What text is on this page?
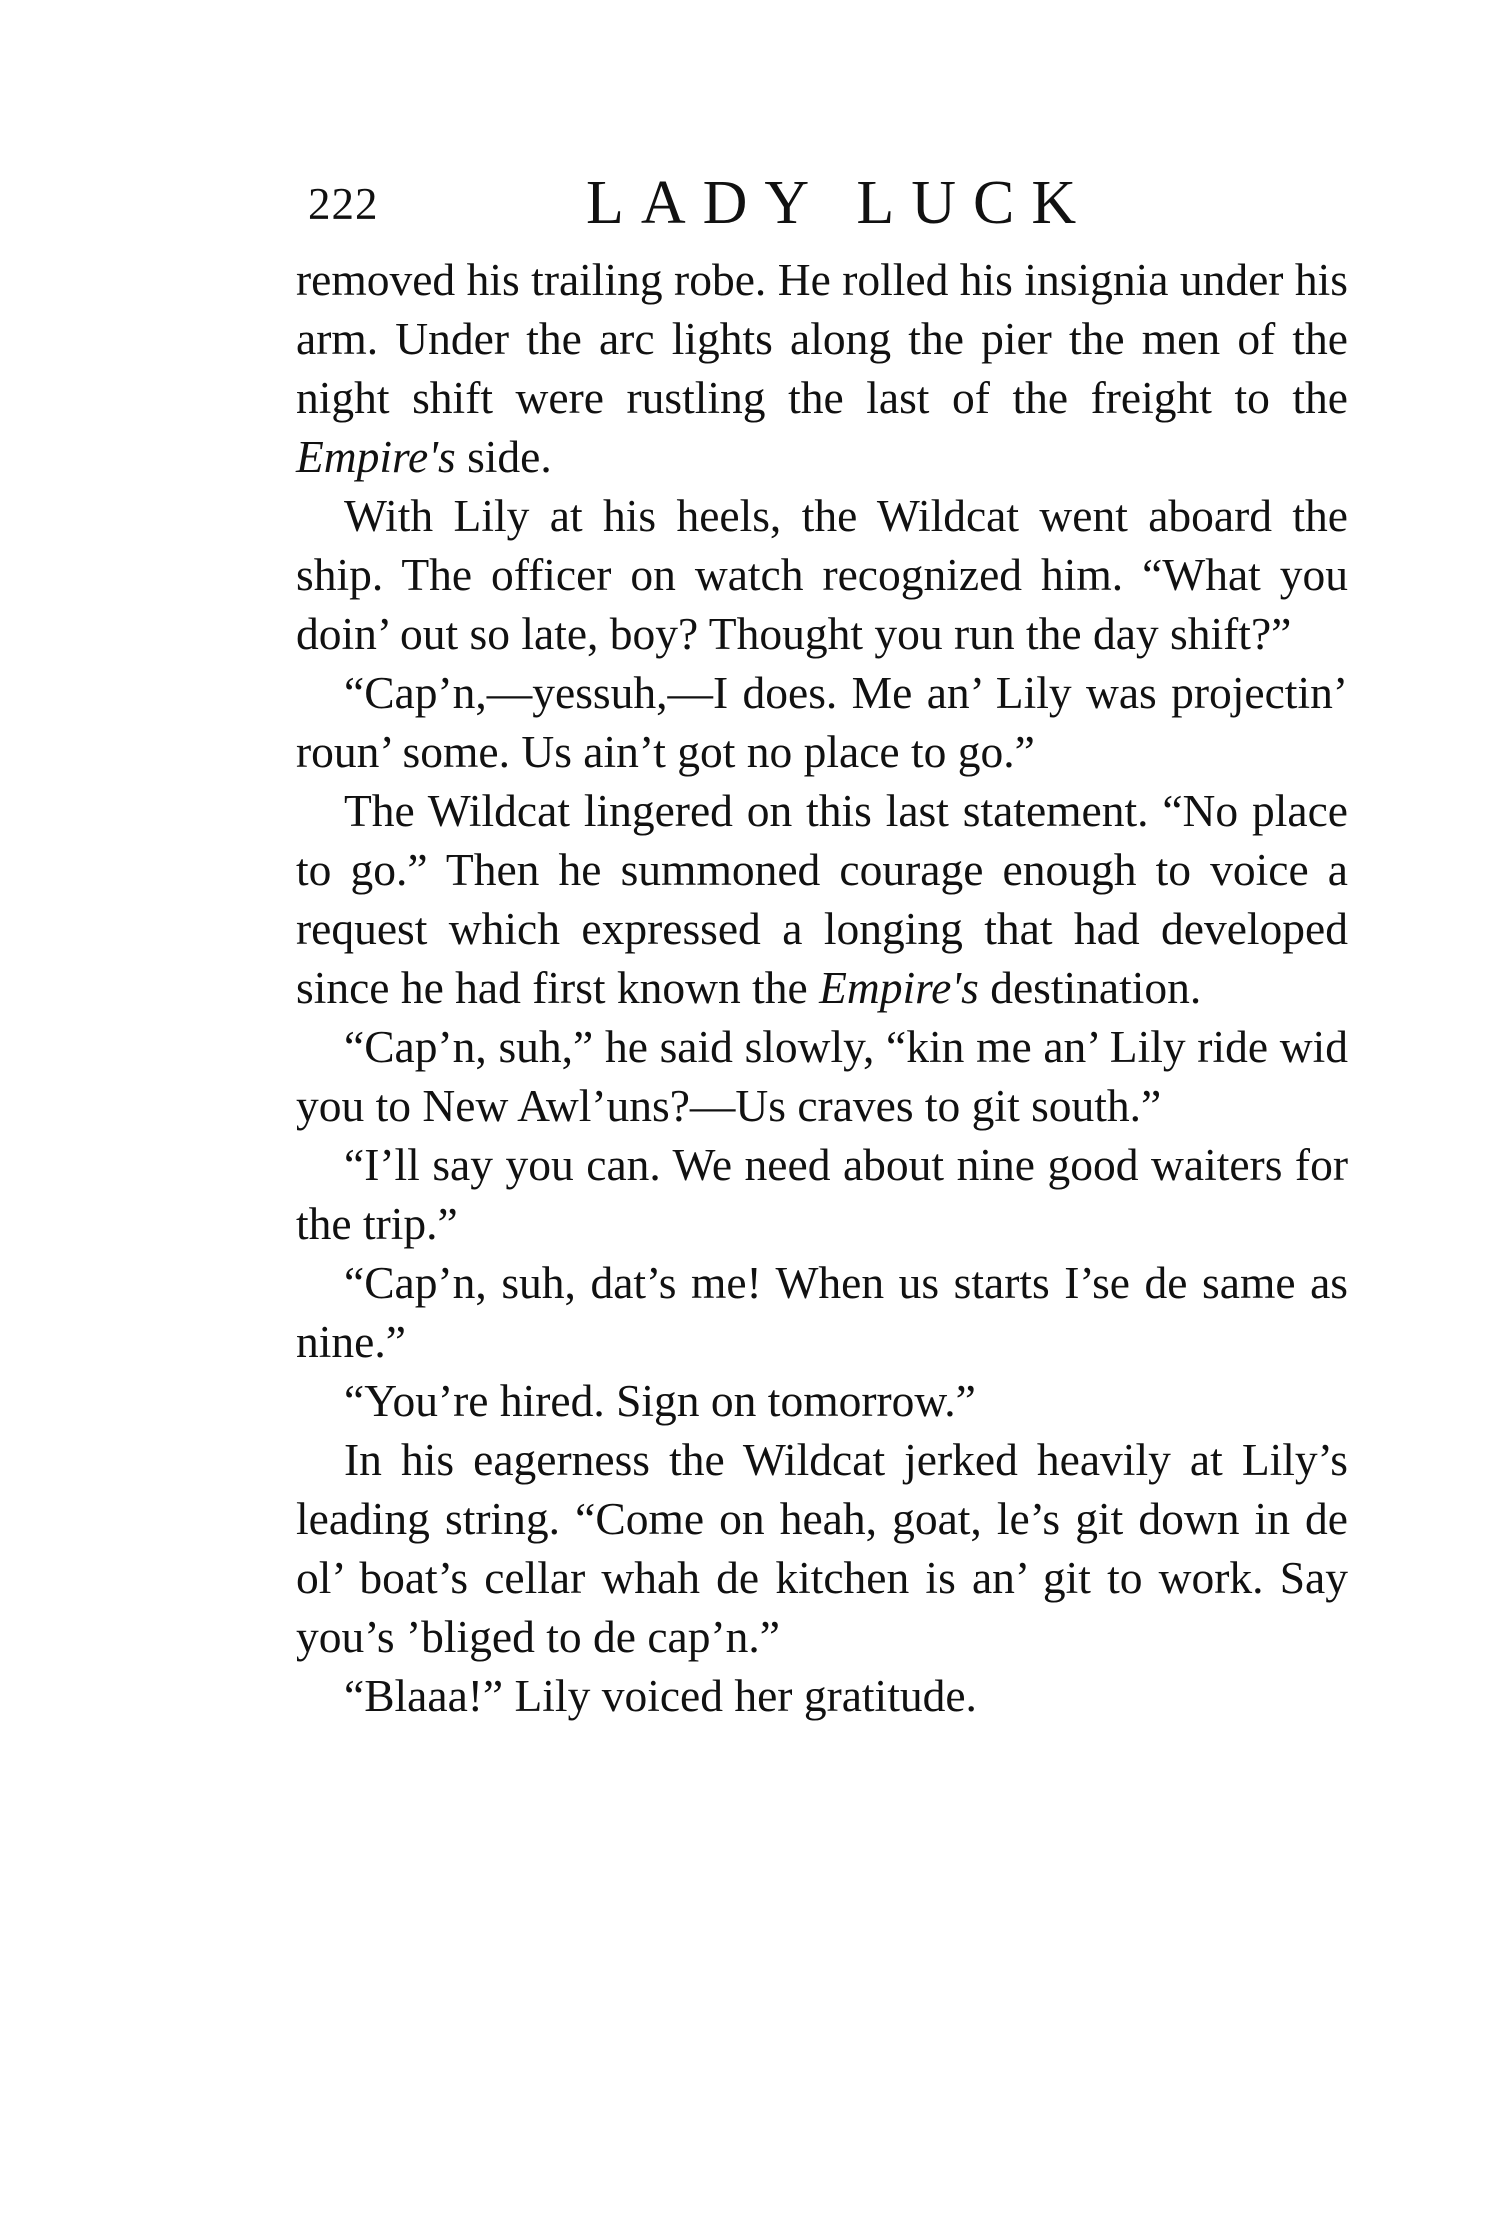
222	LADY LUCK

removed his trailing robe. He rolled his insignia under his arm. Under the arc lights along the pier the men of the night shift were rustling the last of the freight to the Empire's side.

With Lily at his heels, the Wildcat went aboard the ship. The officer on watch recognized him. “What you doin’ out so late, boy? Thought you run the day shift?”

“Cap’n,—yessuh,—I does. Me an’ Lily was projectin’ roun’ some. Us ain’t got no place to go.”

The Wildcat lingered on this last statement. “No place to go.” Then he summoned courage enough to voice a request which expressed a longing that had developed since he had first known the Empire's destination.

“Cap’n, suh,” he said slowly, “kin me an’ Lily ride wid you to New Awl’uns?—Us craves to git south.”

“I’ll say you can. We need about nine good waiters for the trip.”

“Cap’n, suh, dat’s me! When us starts I’se de same as nine.”

“You’re hired. Sign on tomorrow.”

In his eagerness the Wildcat jerked heavily at Lily’s leading string. “Come on heah, goat, le’s git down in de ol’ boat’s cellar whah de kitchen is an’ git to work. Say you’s ’bliged to de cap’n.”

“Blaaa!” Lily voiced her gratitude.
